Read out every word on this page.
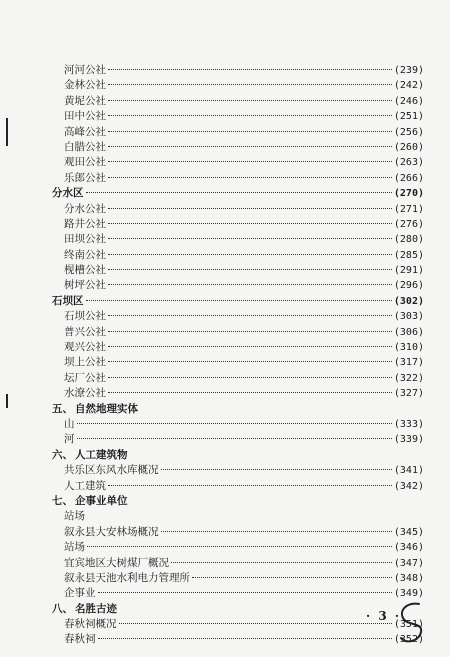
河河公社	(239)
金林公社	(242)
黄坭公社	(246)
田中公社	(251)
高峰公社	(256)
白腊公社	(260)
观田公社	(263)
乐郎公社	(266)
分水区	(270)
分水公社	(271)
路井公社	(276)
田坝公社	(280)
终南公社	(285)
枧槽公社	(291)
树坪公社	(296)
石坝区	(302)
石坝公社	(303)
普兴公社	(306)
观兴公社	(310)
坝上公社	(317)
坛厂公社	(322)
水潦公社	(327)
五、 自然地理实体
山	(333)
河	(339)
六、 人工建筑物
共乐区东风水库概况	(341)
人工建筑	(342)
七、 企事业单位
站场
叙永县大安林场概况	(345)
站场	(346)
宜宾地区大树煤厂概况	(347)
叙永县天池水利电力管理所	(348)
企事业	(349)
八、 名胜古迹
春秋祠概况	(351)
春秋祠	(352)
· 3 ·
